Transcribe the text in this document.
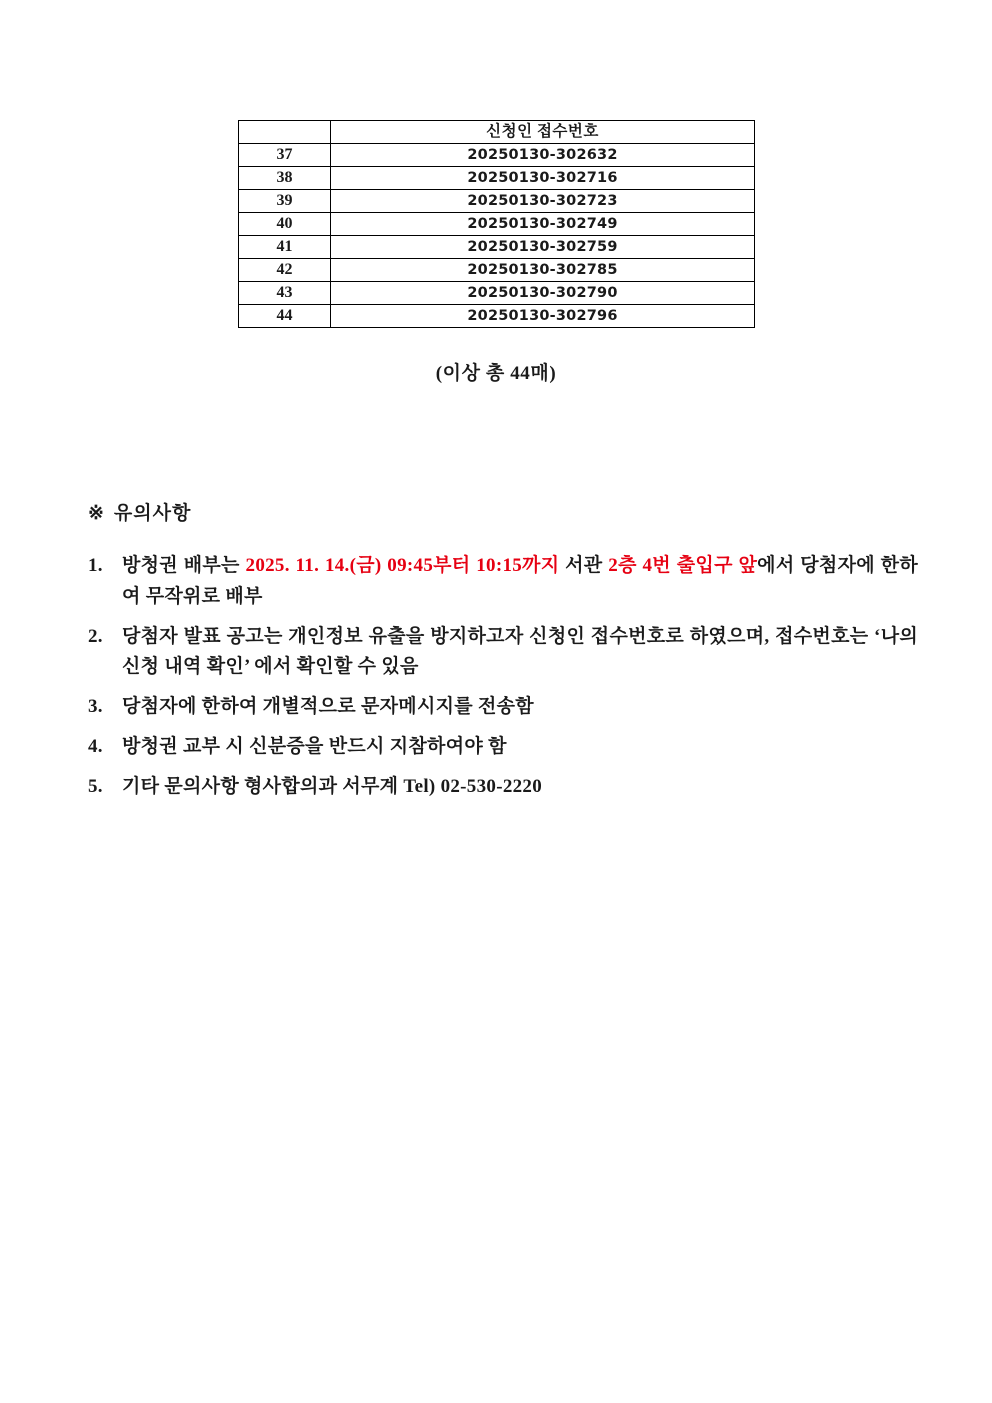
	신청인 접수번호
37	20250130-302632
38	20250130-302716
39	20250130-302723
40	20250130-302749
41	20250130-302759
42	20250130-302785
43	20250130-302790
44	20250130-302796
(이상 총 44매)
※ 유의사항
1.	방청권 배부는 2025. 11. 14.(금) 09:45부터 10:15까지 서관 2층 4번 출입구 앞에서 당첨자에 한하여 무작위로 배부
2.	당첨자 발표 공고는 개인정보 유출을 방지하고자 신청인 접수번호로 하였으며, 접수번호는 ‘나의 신청 내역 확인’ 에서 확인할 수 있음
3.	당첨자에 한하여 개별적으로 문자메시지를 전송함
4.	방청권 교부 시 신분증을 반드시 지참하여야 함
5.	기타 문의사항 형사합의과 서무계 Tel) 02-530-2220
